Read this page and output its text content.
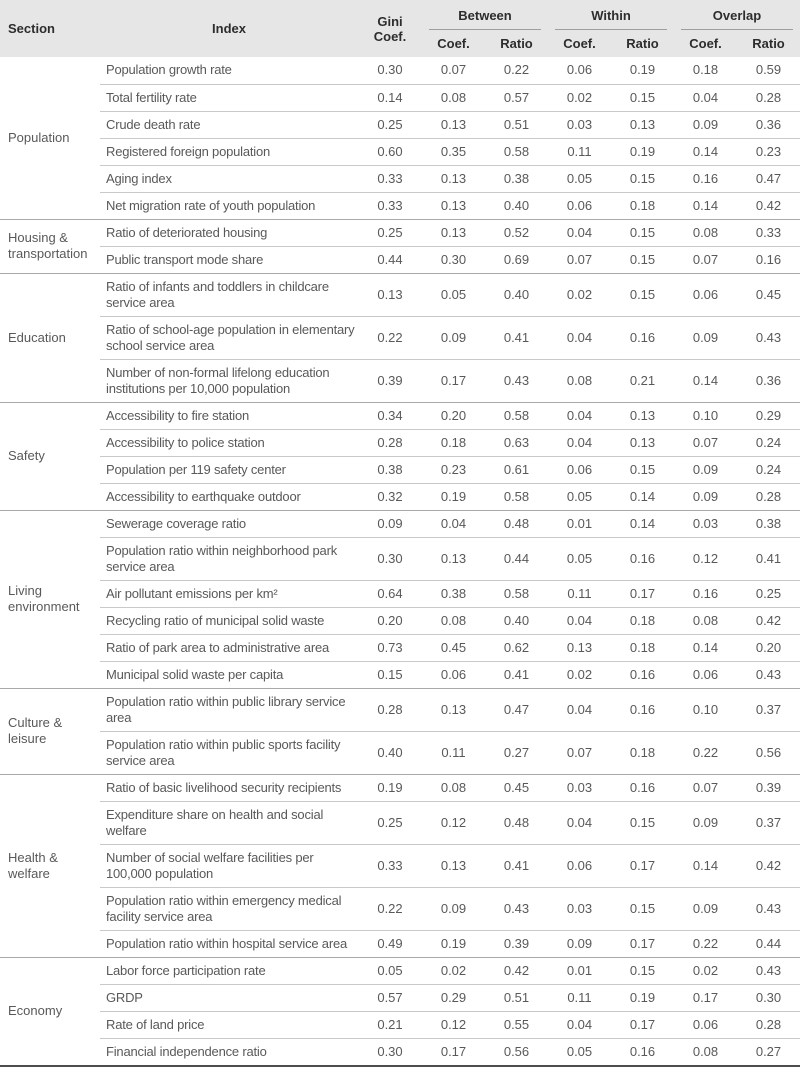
Section	Index	Gini Coef.	Between		Within		Overlap	
			Coef.	Ratio	Coef.	Ratio	Coef.	Ratio
Population	Population growth rate	0.30	0.07	0.22	0.06	0.19	0.18	0.59
	Total fertility rate	0.14	0.08	0.57	0.02	0.15	0.04	0.28
	Crude death rate	0.25	0.13	0.51	0.03	0.13	0.09	0.36
	Registered foreign population	0.60	0.35	0.58	0.11	0.19	0.14	0.23
	Aging index	0.33	0.13	0.38	0.05	0.15	0.16	0.47
	Net migration rate of youth population	0.33	0.13	0.40	0.06	0.18	0.14	0.42
Housing & transportation	Ratio of deteriorated housing	0.25	0.13	0.52	0.04	0.15	0.08	0.33
	Public transport mode share	0.44	0.30	0.69	0.07	0.15	0.07	0.16
Education	Ratio of infants and toddlers in childcare service area	0.13	0.05	0.40	0.02	0.15	0.06	0.45
	Ratio of school-age population in elementary school service area	0.22	0.09	0.41	0.04	0.16	0.09	0.43
	Number of non-formal lifelong education institutions per 10,000 population	0.39	0.17	0.43	0.08	0.21	0.14	0.36
Safety	Accessibility to fire station	0.34	0.20	0.58	0.04	0.13	0.10	0.29
	Accessibility to police station	0.28	0.18	0.63	0.04	0.13	0.07	0.24
	Population per 119 safety center	0.38	0.23	0.61	0.06	0.15	0.09	0.24
	Accessibility to earthquake outdoor	0.32	0.19	0.58	0.05	0.14	0.09	0.28
Living environment	Sewerage coverage ratio	0.09	0.04	0.48	0.01	0.14	0.03	0.38
	Population ratio within neighborhood park service area	0.30	0.13	0.44	0.05	0.16	0.12	0.41
	Air pollutant emissions per km²	0.64	0.38	0.58	0.11	0.17	0.16	0.25
	Recycling ratio of municipal solid waste	0.20	0.08	0.40	0.04	0.18	0.08	0.42
	Ratio of park area to administrative area	0.73	0.45	0.62	0.13	0.18	0.14	0.20
	Municipal solid waste per capita	0.15	0.06	0.41	0.02	0.16	0.06	0.43
Culture & leisure	Population ratio within public library service area	0.28	0.13	0.47	0.04	0.16	0.10	0.37
	Population ratio within public sports facility service area	0.40	0.11	0.27	0.07	0.18	0.22	0.56
Health & welfare	Ratio of basic livelihood security recipients	0.19	0.08	0.45	0.03	0.16	0.07	0.39
	Expenditure share on health and social welfare	0.25	0.12	0.48	0.04	0.15	0.09	0.37
	Number of social welfare facilities per 100,000 population	0.33	0.13	0.41	0.06	0.17	0.14	0.42
	Population ratio within emergency medical facility service area	0.22	0.09	0.43	0.03	0.15	0.09	0.43
	Population ratio within hospital service area	0.49	0.19	0.39	0.09	0.17	0.22	0.44
Economy	Labor force participation rate	0.05	0.02	0.42	0.01	0.15	0.02	0.43
	GRDP	0.57	0.29	0.51	0.11	0.19	0.17	0.30
	Rate of land price	0.21	0.12	0.55	0.04	0.17	0.06	0.28
	Financial independence ratio	0.30	0.17	0.56	0.05	0.16	0.08	0.27
